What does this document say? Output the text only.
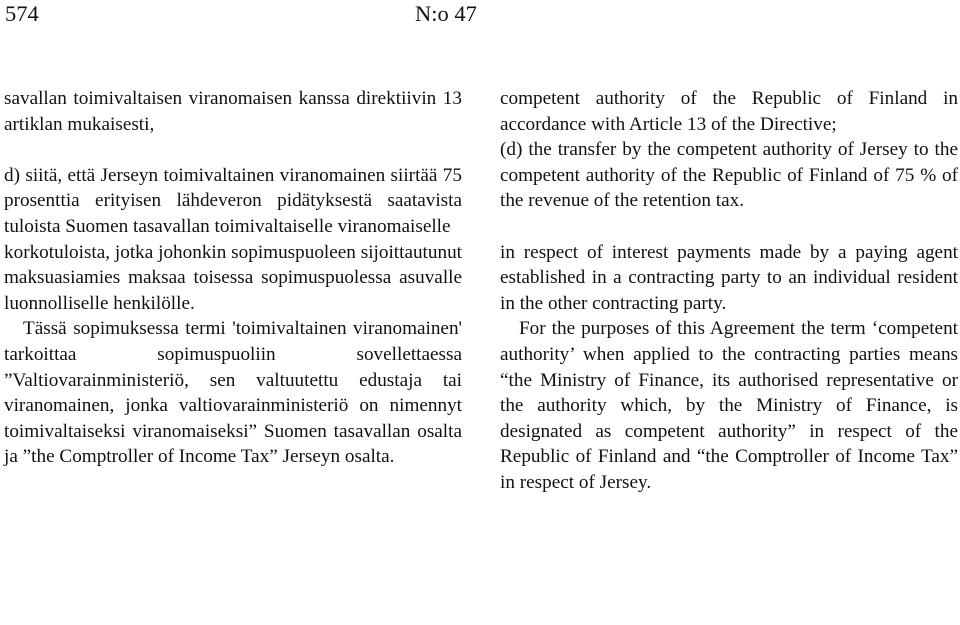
574	N:o 47

savallan toimivaltaisen viranomaisen kanssa direktiivin 13 artiklan mukaisesti,

d) siitä, että Jerseyn toimivaltainen viranomainen siirtää 75 prosenttia erityisen lähdeveron pidätyksestä saatavista tuloista Suomen tasavallan toimivaltaiselle viranomaiselle

korkotuloista, jotka johonkin sopimuspuoleen sijoittautunut maksuasiamies maksaa toisessa sopimuspuolessa asuvalle luonnolliselle henkilölle.

Tässä sopimuksessa termi 'toimivaltainen viranomainen' tarkoittaa sopimuspuoliin sovellettaessa ”Valtiovarainministeriö, sen valtuutettu edustaja tai viranomainen, jonka valtiovarainministeriö on nimennyt toimivaltaiseksi viranomaiseksi” Suomen tasavallan osalta ja ”the Comptroller of Income Tax” Jerseyn osalta.

competent authority of the Republic of Finland in accordance with Article 13 of the Directive;

(d) the transfer by the competent authority of Jersey to the competent authority of the Republic of Finland of 75 % of the revenue of the retention tax.

in respect of interest payments made by a paying agent established in a contracting party to an individual resident in the other contracting party.

For the purposes of this Agreement the term ‘competent authority’ when applied to the contracting parties means “the Ministry of Finance, its authorised representative or the authority which, by the Ministry of Finance, is designated as competent authority” in respect of the Republic of Finland and “the Comptroller of Income Tax” in respect of Jersey.
